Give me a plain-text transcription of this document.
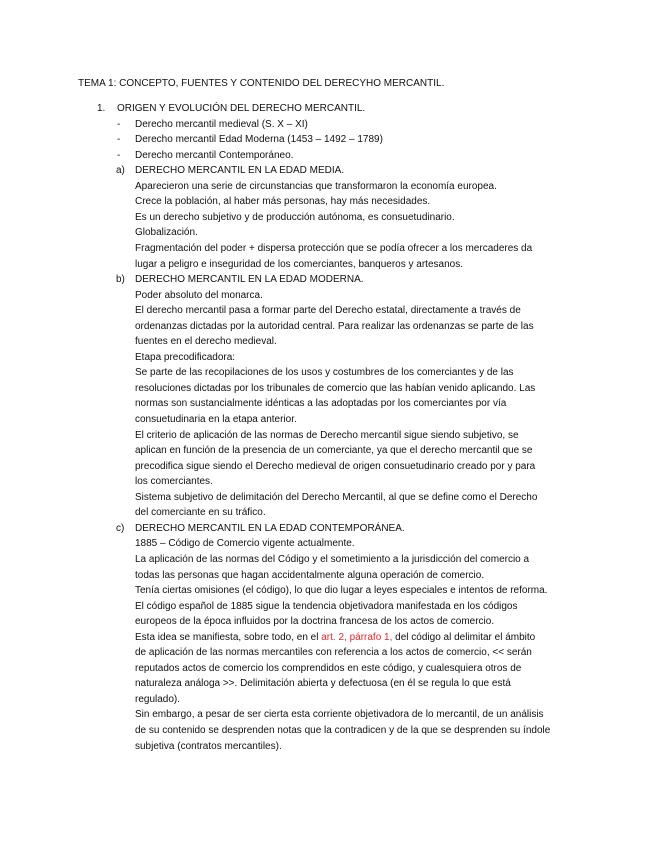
TEMA 1: CONCEPTO, FUENTES Y CONTENIDO DEL DERECYHO MERCANTIL.
1. ORIGEN Y EVOLUCIÓN DEL DERECHO MERCANTIL.
- Derecho mercantil medieval (S. X – XI)
- Derecho mercantil Edad Moderna (1453 – 1492 – 1789)
- Derecho mercantil Contemporáneo.
a) DERECHO MERCANTIL EN LA EDAD MEDIA.
Aparecieron una serie de circunstancias que transformaron la economía europea.
Crece la población, al haber más personas, hay más necesidades.
Es un derecho subjetivo y de producción autónoma, es consuetudinario.
Globalización.
Fragmentación del poder + dispersa protección que se podía ofrecer a los mercaderes da
lugar a peligro e inseguridad de los comerciantes, banqueros y artesanos.
b) DERECHO MERCANTIL EN LA EDAD MODERNA.
Poder absoluto del monarca.
El derecho mercantil pasa a formar parte del Derecho estatal, directamente a través de
ordenanzas dictadas por la autoridad central. Para realizar las ordenanzas se parte de las
fuentes en el derecho medieval.
Etapa precodificadora:
Se parte de las recopilaciones de los usos y costumbres de los comerciantes y de las
resoluciones dictadas por los tribunales de comercio que las habían venido aplicando. Las
normas son sustancialmente idénticas a las adoptadas por los comerciantes por vía
consuetudinaria en la etapa anterior.
El criterio de aplicación de las normas de Derecho mercantil sigue siendo subjetivo, se
aplican en función de la presencia de un comerciante, ya que el derecho mercantil que se
precodifica sigue siendo el Derecho medieval de origen consuetudinario creado por y para
los comerciantes.
Sistema subjetivo de delimitación del Derecho Mercantil, al que se define como el Derecho
del comerciante en su tráfico.
c) DERECHO MERCANTIL EN LA EDAD CONTEMPORÁNEA.
1885 – Código de Comercio vigente actualmente.
La aplicación de las normas del Código y el sometimiento a la jurisdicción del comercio a
todas las personas que hagan accidentalmente alguna operación de comercio.
Tenía ciertas omisiones (el código), lo que dio lugar a leyes especiales e intentos de reforma.
El código español de 1885 sigue la tendencia objetivadora manifestada en los códigos
europeos de la época influidos por la doctrina francesa de los actos de comercio.
Esta idea se manifiesta, sobre todo, en el art. 2, párrafo 1, del código al delimitar el ámbito
de aplicación de las normas mercantiles con referencia a los actos de comercio, << serán
reputados actos de comercio los comprendidos en este código, y cualesquiera otros de
naturaleza análoga >>. Delimitación abierta y defectuosa (en él se regula lo que está
regulado).
Sin embargo, a pesar de ser cierta esta corriente objetivadora de lo mercantil, de un análisis
de su contenido se desprenden notas que la contradicen y de la que se desprenden su índole
subjetiva (contratos mercantiles).
